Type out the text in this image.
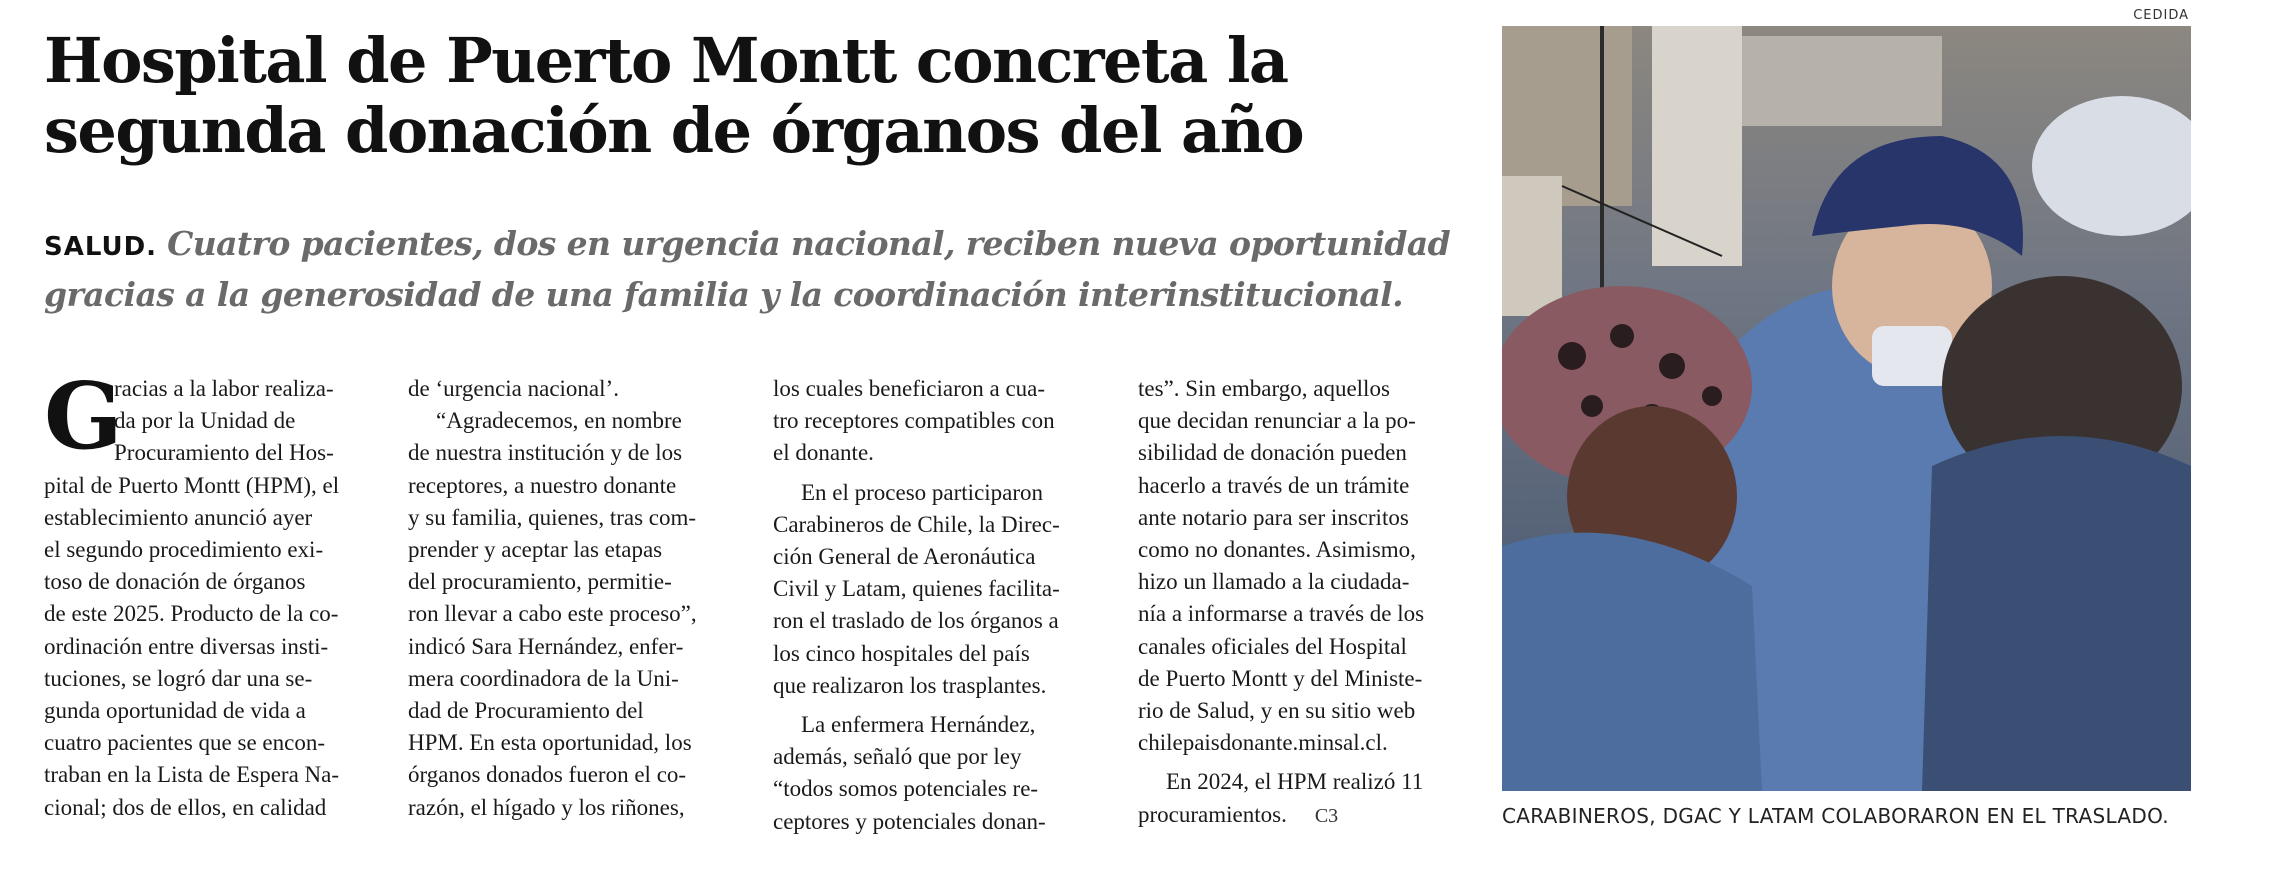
Hospital de Puerto Montt concreta la
segunda donación de órganos del año
SALUD. Cuatro pacientes, dos en urgencia nacional, reciben nueva oportunidad
gracias a la generosidad de una familia y la coordinación interinstitucional.
G
racias a la labor realiza-
da por la Unidad de
Procuramiento del Hos-
pital de Puerto Montt (HPM), el
establecimiento anunció ayer
el segundo procedimiento exi-
toso de donación de órganos
de este 2025. Producto de la co-
ordinación entre diversas insti-
tuciones, se logró dar una se-
gunda oportunidad de vida a
cuatro pacientes que se encon-
traban en la Lista de Espera Na-
cional; dos de ellos, en calidad
de ‘urgencia nacional’.
“Agradecemos, en nombre
de nuestra institución y de los
receptores, a nuestro donante
y su familia, quienes, tras com-
prender y aceptar las etapas
del procuramiento, permitie-
ron llevar a cabo este proceso”,
indicó Sara Hernández, enfer-
mera coordinadora de la Uni-
dad de Procuramiento del
HPM. En esta oportunidad, los
órganos donados fueron el co-
razón, el hígado y los riñones,
los cuales beneficiaron a cua-
tro receptores compatibles con
el donante.
En el proceso participaron
Carabineros de Chile, la Direc-
ción General de Aeronáutica
Civil y Latam, quienes facilita-
ron el traslado de los órganos a
los cinco hospitales del país
que realizaron los trasplantes.
La enfermera Hernández,
además, señaló que por ley
“todos somos potenciales re-
ceptores y potenciales donan-
tes”. Sin embargo, aquellos
que decidan renunciar a la po-
sibilidad de donación pueden
hacerlo a través de un trámite
ante notario para ser inscritos
como no donantes. Asimismo,
hizo un llamado a la ciudada-
nía a informarse a través de los
canales oficiales del Hospital
de Puerto Montt y del Ministe-
rio de Salud, y en su sitio web
chilepaisdonante.minsal.cl.
En 2024, el HPM realizó 11
procuramientos. C3
CEDIDA
CARABINEROS, DGAC Y LATAM COLABORARON EN EL TRASLADO.
